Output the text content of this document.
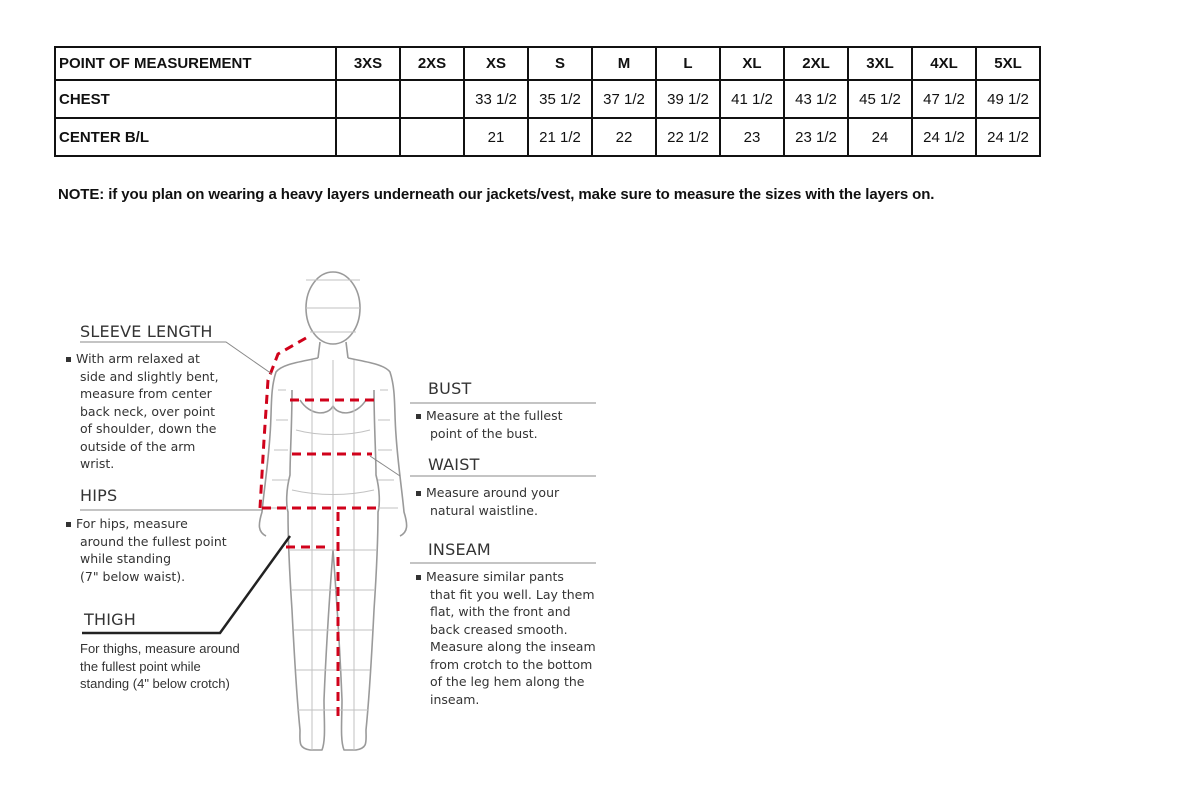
POINT OF MEASUREMENT	3XS	2XS	XS	S	M	L	XL	2XL	3XL	4XL	5XL
CHEST			33 1/2	35 1/2	37 1/2	39 1/2	41 1/2	43 1/2	45 1/2	47 1/2	49 1/2
CENTER B/L			21	21 1/2	22	22 1/2	23	23 1/2	24	24 1/2	24 1/2
NOTE: if you plan on wearing a heavy layers underneath our jackets/vest, make sure to measure the sizes with the layers on.
SLEEVE LENGTH
With arm relaxed at
side and slightly bent,
measure from center
back neck, over point
of shoulder, down the
outside of the arm
wrist.
HIPS
For hips, measure
around the fullest point
while standing
(7" below waist).
THIGH
For thighs, measure around
the fullest point while
standing (4" below crotch)
BUST
Measure at the fullest
point of the bust.
WAIST
Measure around your
natural waistline.
INSEAM
Measure similar pants
that fit you well. Lay them
flat, with the front and
back creased smooth.
Measure along the inseam
from crotch to the bottom
of the leg hem along the
inseam.
